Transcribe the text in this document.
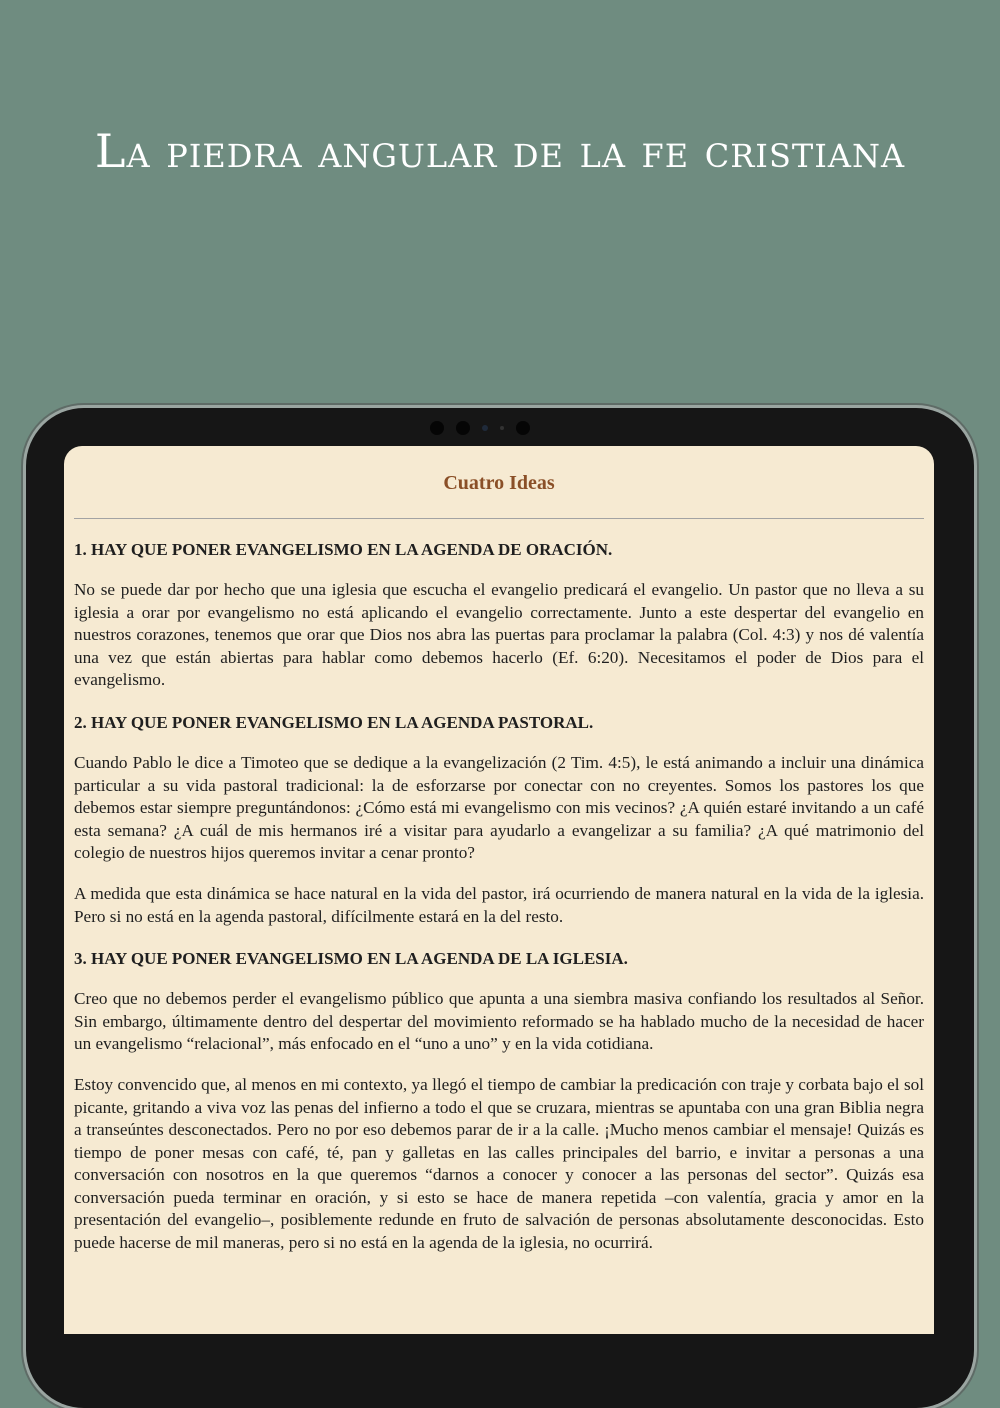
La piedra angular de la fe cristiana
Cuatro Ideas
1. HAY QUE PONER EVANGELISMO EN LA AGENDA DE ORACIÓN.

No se puede dar por hecho que una iglesia que escucha el evangelio predicará el evangelio. Un pastor que no lleva a su iglesia a orar por evangelismo no está aplicando el evangelio correctamente. Junto a este despertar del evangelio en nuestros corazones, tenemos que orar que Dios nos abra las puertas para proclamar la palabra (Col. 4:3) y nos dé valentía una vez que están abiertas para hablar como debemos hacerlo (Ef. 6:20). Necesitamos el poder de Dios para el evangelismo.

2. HAY QUE PONER EVANGELISMO EN LA AGENDA PASTORAL.

Cuando Pablo le dice a Timoteo que se dedique a la evangelización (2 Tim. 4:5), le está animando a incluir una dinámica particular a su vida pastoral tradicional: la de esforzarse por conectar con no creyentes. Somos los pastores los que debemos estar siempre preguntándonos: ¿Cómo está mi evangelismo con mis vecinos? ¿A quién estaré invitando a un café esta semana? ¿A cuál de mis hermanos iré a visitar para ayudarlo a evangelizar a su familia? ¿A qué matrimonio del colegio de nuestros hijos queremos invitar a cenar pronto?

A medida que esta dinámica se hace natural en la vida del pastor, irá ocurriendo de manera natural en la vida de la iglesia. Pero si no está en la agenda pastoral, difícilmente estará en la del resto.

3. HAY QUE PONER EVANGELISMO EN LA AGENDA DE LA IGLESIA.

Creo que no debemos perder el evangelismo público que apunta a una siembra masiva confiando los resultados al Señor. Sin embargo, últimamente dentro del despertar del movimiento reformado se ha hablado mucho de la necesidad de hacer un evangelismo “relacional”, más enfocado en el “uno a uno” y en la vida cotidiana.

Estoy convencido que, al menos en mi contexto, ya llegó el tiempo de cambiar la predicación con traje y corbata bajo el sol picante, gritando a viva voz las penas del infierno a todo el que se cruzara, mientras se apuntaba con una gran Biblia negra a transeúntes desconectados. Pero no por eso debemos parar de ir a la calle. ¡Mucho menos cambiar el mensaje! Quizás es tiempo de poner mesas con café, té, pan y galletas en las calles principales del barrio, e invitar a personas a una conversación con nosotros en la que queremos “darnos a conocer y conocer a las personas del sector”. Quizás esa conversación pueda terminar en oración, y si esto se hace de manera repetida –con valentía, gracia y amor en la presentación del evangelio–, posiblemente redunde en fruto de salvación de personas absolutamente desconocidas. Esto puede hacerse de mil maneras, pero si no está en la agenda de la iglesia, no ocurrirá.
